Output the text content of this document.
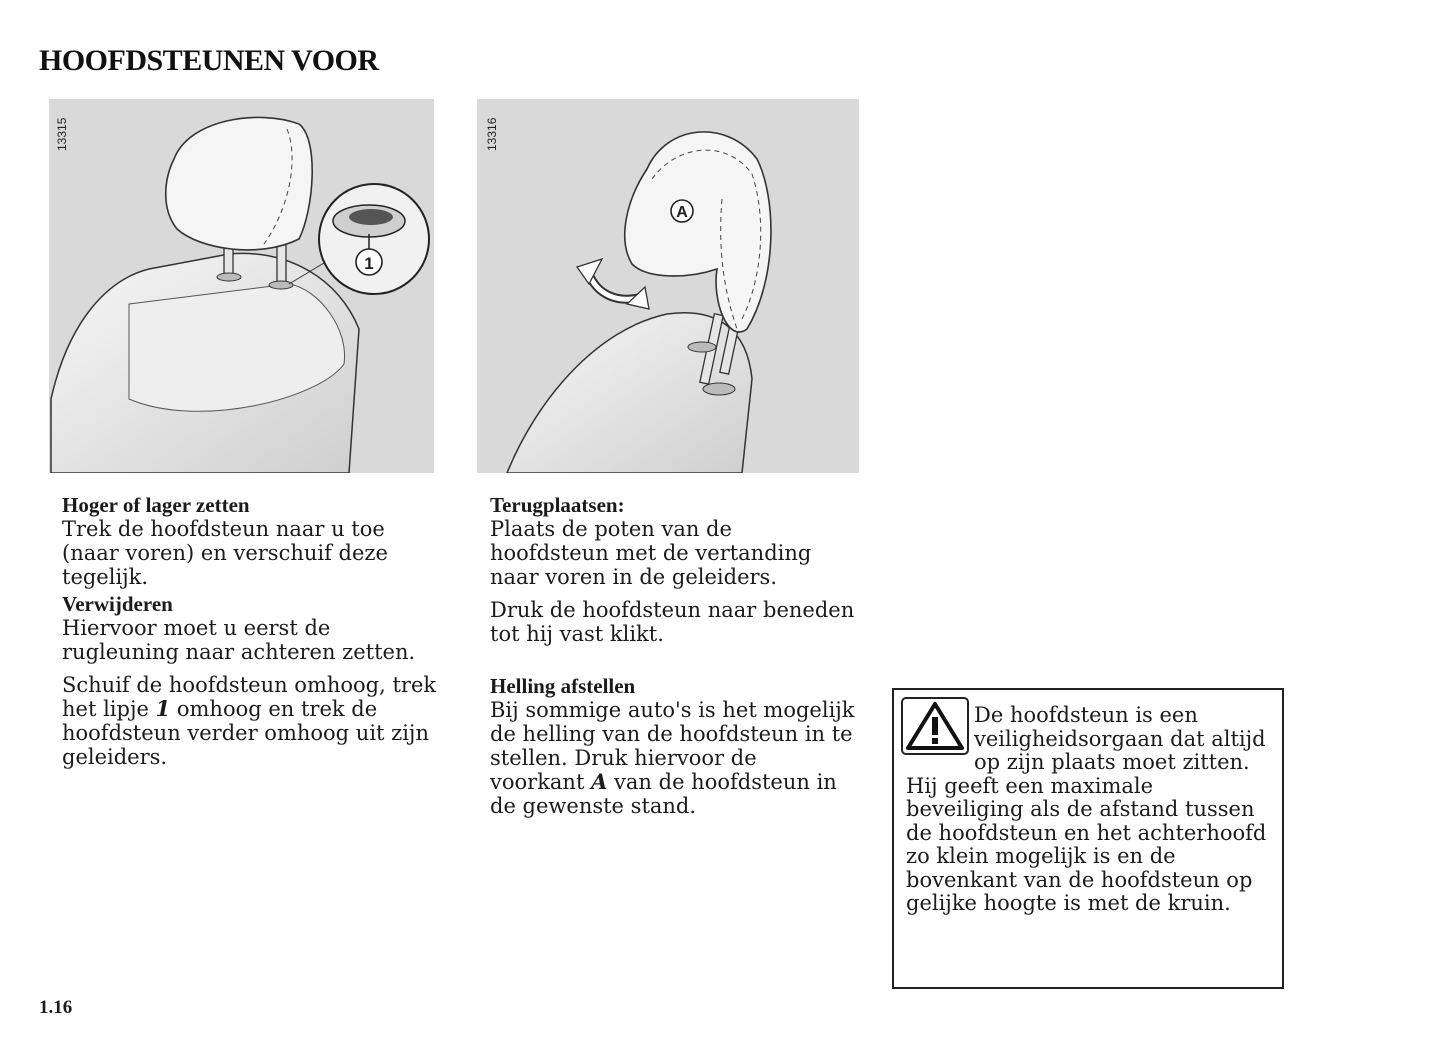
HOOFDSTEUNEN VOOR
1
13315
A
13316
Hoger of lager zetten

Trek de hoofdsteun naar u toe (naar voren) en verschuif deze tegelijk.

Verwijderen

Hiervoor moet u eerst de rugleuning naar achteren zetten.

Schuif de hoofdsteun omhoog, trek het lipje 1 omhoog en trek de hoofdsteun verder omhoog uit zijn geleiders.

Terugplaatsen:

Plaats de poten van de hoofdsteun met de vertanding naar voren in de geleiders.

Druk de hoofdsteun naar beneden tot hij vast klikt.

Helling afstellen

Bij sommige auto's is het mogelijk de helling van de hoofdsteun in te stellen. Druk hiervoor de voorkant A van de hoofdsteun in de gewenste stand.

De hoofdsteun is een veiligheidsorgaan dat altijd op zijn plaats moet zitten. Hij geeft een maximale beveiliging als de afstand tussen de hoofdsteun en het achterhoofd zo klein mogelijk is en de bovenkant van de hoofdsteun op gelijke hoogte is met de kruin.
1.16
